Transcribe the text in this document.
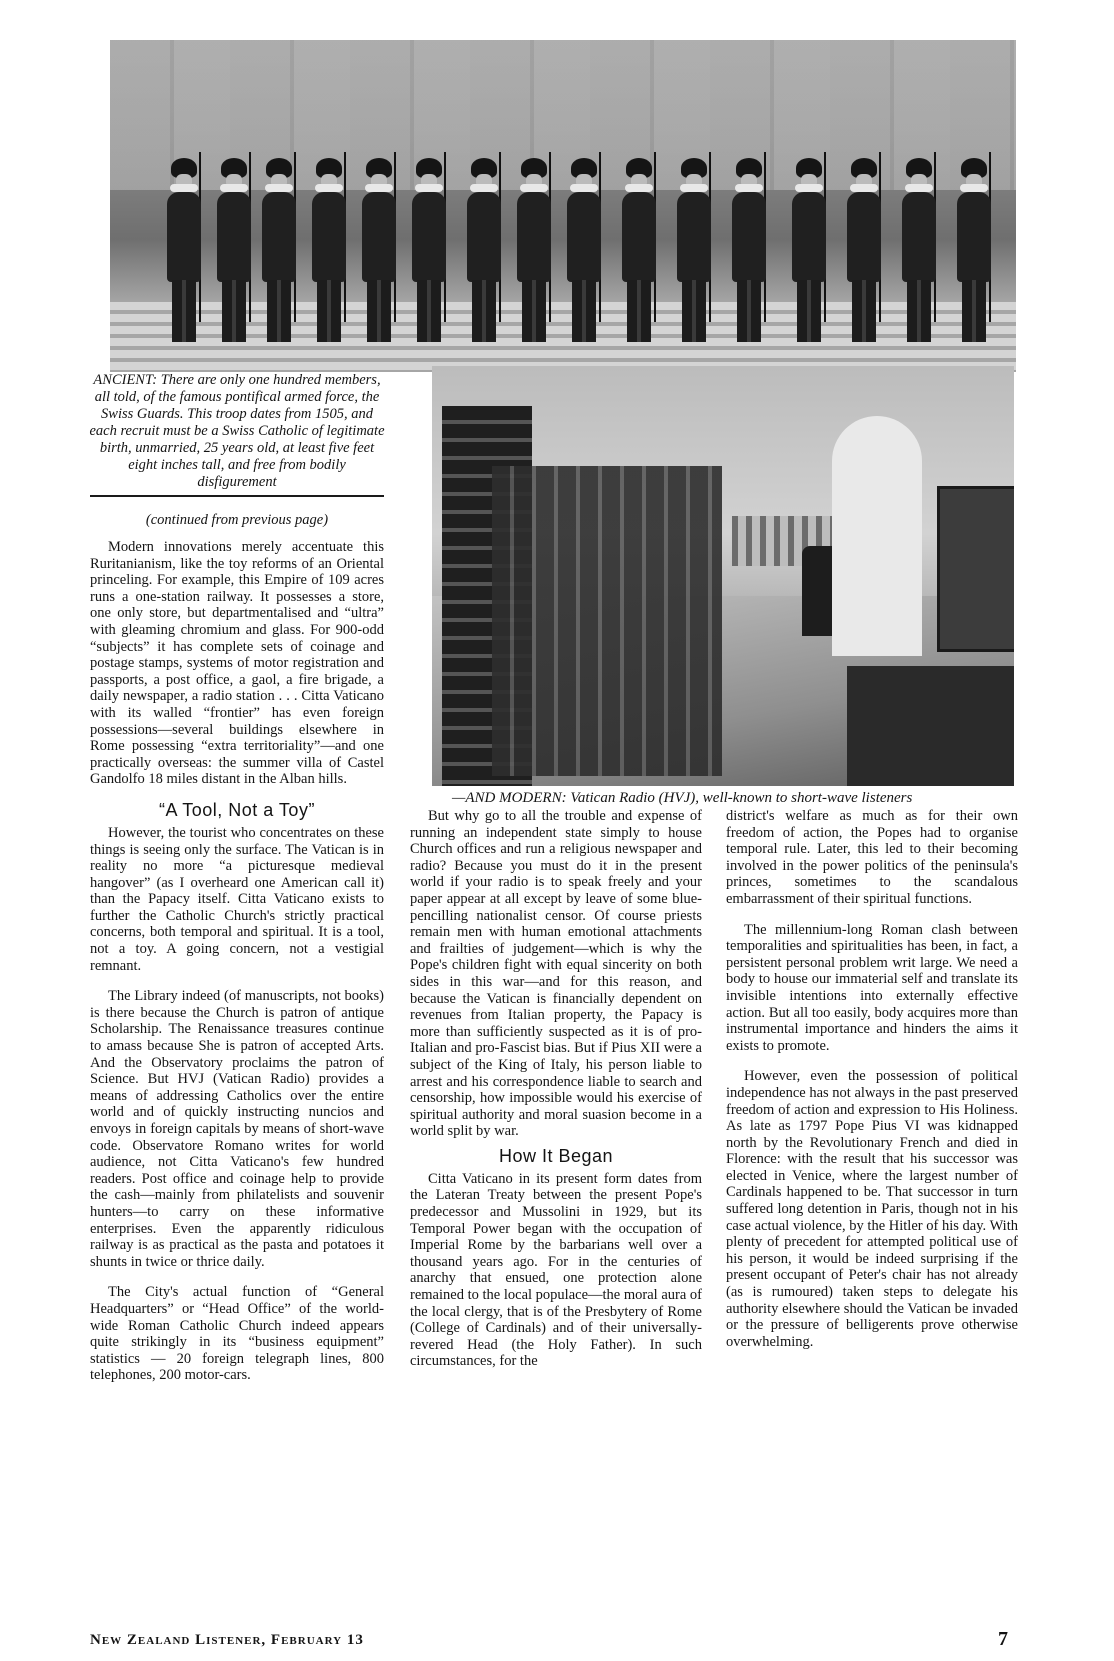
ANCIENT: There are only one hundred members, all told, of the famous pontifical armed force, the Swiss Guards. This troop dates from 1505, and each recruit must be a Swiss Catholic of legitimate birth, unmarried, 25 years old, at least five feet eight inches tall, and free from bodily disfigurement
—AND MODERN: Vatican Radio (HVJ), well-known to short-wave listeners
(continued from previous page)

Modern innovations merely accentuate this Ruritanianism, like the toy reforms of an Oriental princeling. For example, this Empire of 109 acres runs a one-station railway. It possesses a store, one only store, but departmentalised and “ultra” with gleaming chromium and glass. For 900-odd “subjects” it has complete sets of coinage and postage stamps, systems of motor registration and passports, a post office, a gaol, a fire brigade, a daily newspaper, a radio station . . . Citta Vaticano with its walled “frontier” has even foreign possessions—several buildings elsewhere in Rome possessing “extra territoriality”—and one practically overseas: the summer villa of Castel Gandolfo 18 miles distant in the Alban hills.

“A Tool, Not a Toy”

However, the tourist who concentrates on these things is seeing only the surface. The Vatican is in reality no more “a picturesque medieval hangover” (as I overheard one American call it) than the Papacy itself. Citta Vaticano exists to further the Catholic Church's strictly practical concerns, both temporal and spiritual. It is a tool, not a toy. A going concern, not a vestigial remnant.

The Library indeed (of manuscripts, not books) is there because the Church is patron of antique Scholarship. The Renaissance treasures continue to amass because She is patron of accepted Arts. And the Observatory proclaims the patron of Science. But HVJ (Vatican Radio) provides a means of addressing Catholics over the entire world and of quickly instructing nuncios and envoys in foreign capitals by means of short-wave code. Observatore Romano writes for world audience, not Citta Vaticano's few hundred readers. Post office and coinage help to provide the cash—mainly from philatelists and souvenir hunters—to carry on these informative enterprises. Even the apparently ridiculous railway is as practical as the pasta and potatoes it shunts in twice or thrice daily.

The City's actual function of “General Headquarters” or “Head Office” of the world-wide Roman Catholic Church indeed appears quite strikingly in its “business equipment” statistics — 20 foreign telegraph lines, 800 telephones, 200 motor-cars.

But why go to all the trouble and expense of running an independent state simply to house Church offices and run a religious newspaper and radio? Because you must do it in the present world if your radio is to speak freely and your paper appear at all except by leave of some blue-pencilling nationalist censor. Of course priests remain men with human emotional attachments and frailties of judgement—which is why the Pope's children fight with equal sincerity on both sides in this war—and for this reason, and because the Vatican is financially dependent on revenues from Italian property, the Papacy is more than sufficiently suspected as it is of pro-Italian and pro-Fascist bias. But if Pius XII were a subject of the King of Italy, his person liable to arrest and his correspondence liable to search and censorship, how impossible would his exercise of spiritual authority and moral suasion become in a world split by war.

How It Began

Citta Vaticano in its present form dates from the Lateran Treaty between the present Pope's predecessor and Mussolini in 1929, but its Temporal Power began with the occupation of Imperial Rome by the barbarians well over a thousand years ago. For in the centuries of anarchy that ensued, one protection alone remained to the local populace—the moral aura of the local clergy, that is of the Presbytery of Rome (College of Cardinals) and of their universally-revered Head (the Holy Father). In such circumstances, for the

district's welfare as much as for their own freedom of action, the Popes had to organise temporal rule. Later, this led to their becoming involved in the power politics of the peninsula's princes, sometimes to the scandalous embarrassment of their spiritual functions.

The millennium-long Roman clash between temporalities and spiritualities has been, in fact, a persistent personal problem writ large. We need a body to house our immaterial self and translate its invisible intentions into externally effective action. But all too easily, body acquires more than instrumental importance and hinders the aims it exists to promote.

However, even the possession of political independence has not always in the past preserved freedom of action and expression to His Holiness. As late as 1797 Pope Pius VI was kidnapped north by the Revolutionary French and died in Florence: with the result that his successor was elected in Venice, where the largest number of Cardinals happened to be. That successor in turn suffered long detention in Paris, though not in his case actual violence, by the Hitler of his day. With plenty of precedent for attempted political use of his person, it would be indeed surprising if the present occupant of Peter's chair has not already (as is rumoured) taken steps to delegate his authority elsewhere should the Vatican be invaded or the pressure of belligerents prove otherwise overwhelming.

New Zealand Listener, February 13	7
